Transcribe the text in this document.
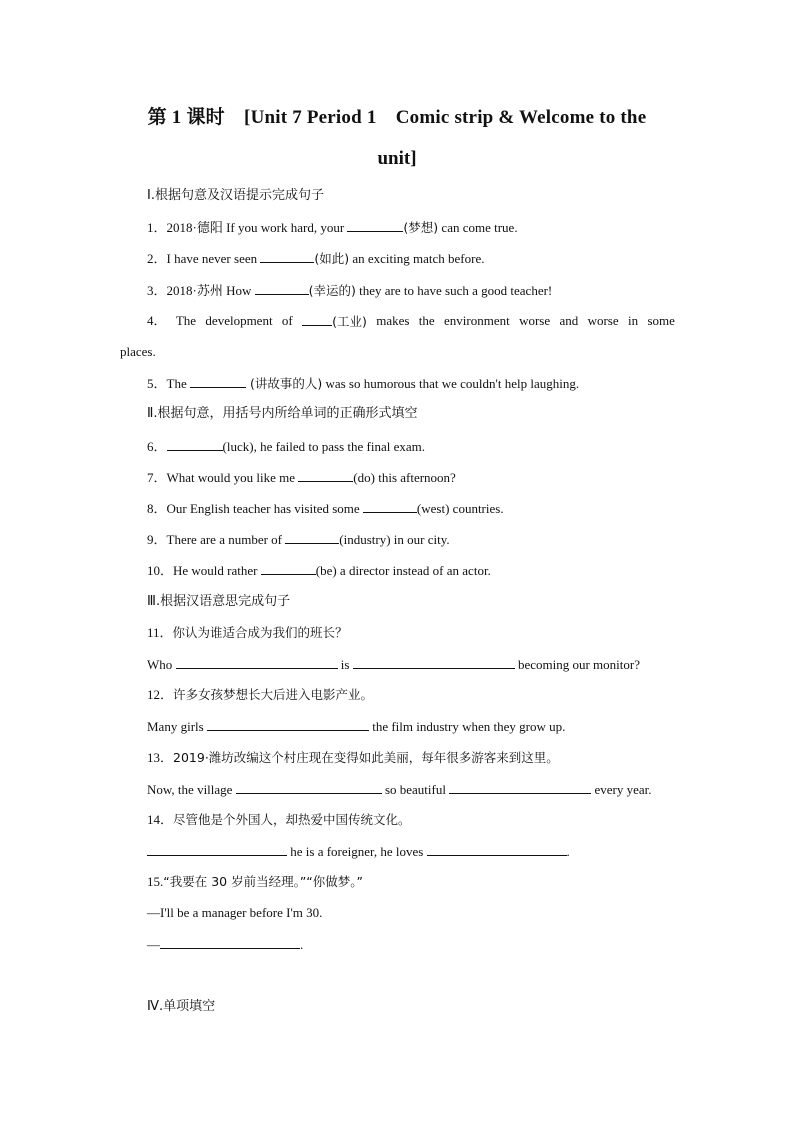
第 1 课时　[Unit 7 Period 1　Comic strip & Welcome to the
unit]
Ⅰ.根据句意及汉语提示完成句子
1．2018·德阳 If you work hard, your	(梦想) can come true.
2．I have never seen	(如此) an exciting match before.
3．2018·苏州 How	(幸运的) they are to have such a good teacher!
4． The development of	(工业) makes the environment worse and worse in some
places.
5．The	(讲故事的人) was so humorous that we couldn't help laughing.
Ⅱ.根据句意，用括号内所给单词的正确形式填空
6．	(luck), he failed to pass the final exam.
7．What would you like me	(do) this afternoon?
8．Our English teacher has visited some	(west) countries.
9．There are a number of	(industry) in our city.
10．He would rather	(be) a director instead of an actor.
Ⅲ.根据汉语意思完成句子
11．你认为谁适合成为我们的班长？
Who	is	becoming our monitor?
12．许多女孩梦想长大后进入电影产业。
Many girls	the film industry when they grow up.
13．2019·潍坊改编这个村庄现在变得如此美丽，每年很多游客来到这里。
Now, the village	so beautiful	every year.
14．尽管他是个外国人，却热爱中国传统文化。
he is a foreigner, he loves	.
15.“我要在 30 岁前当经理。”“你做梦。”
—I'll be a manager before I'm 30.
—	.
Ⅳ.单项填空
